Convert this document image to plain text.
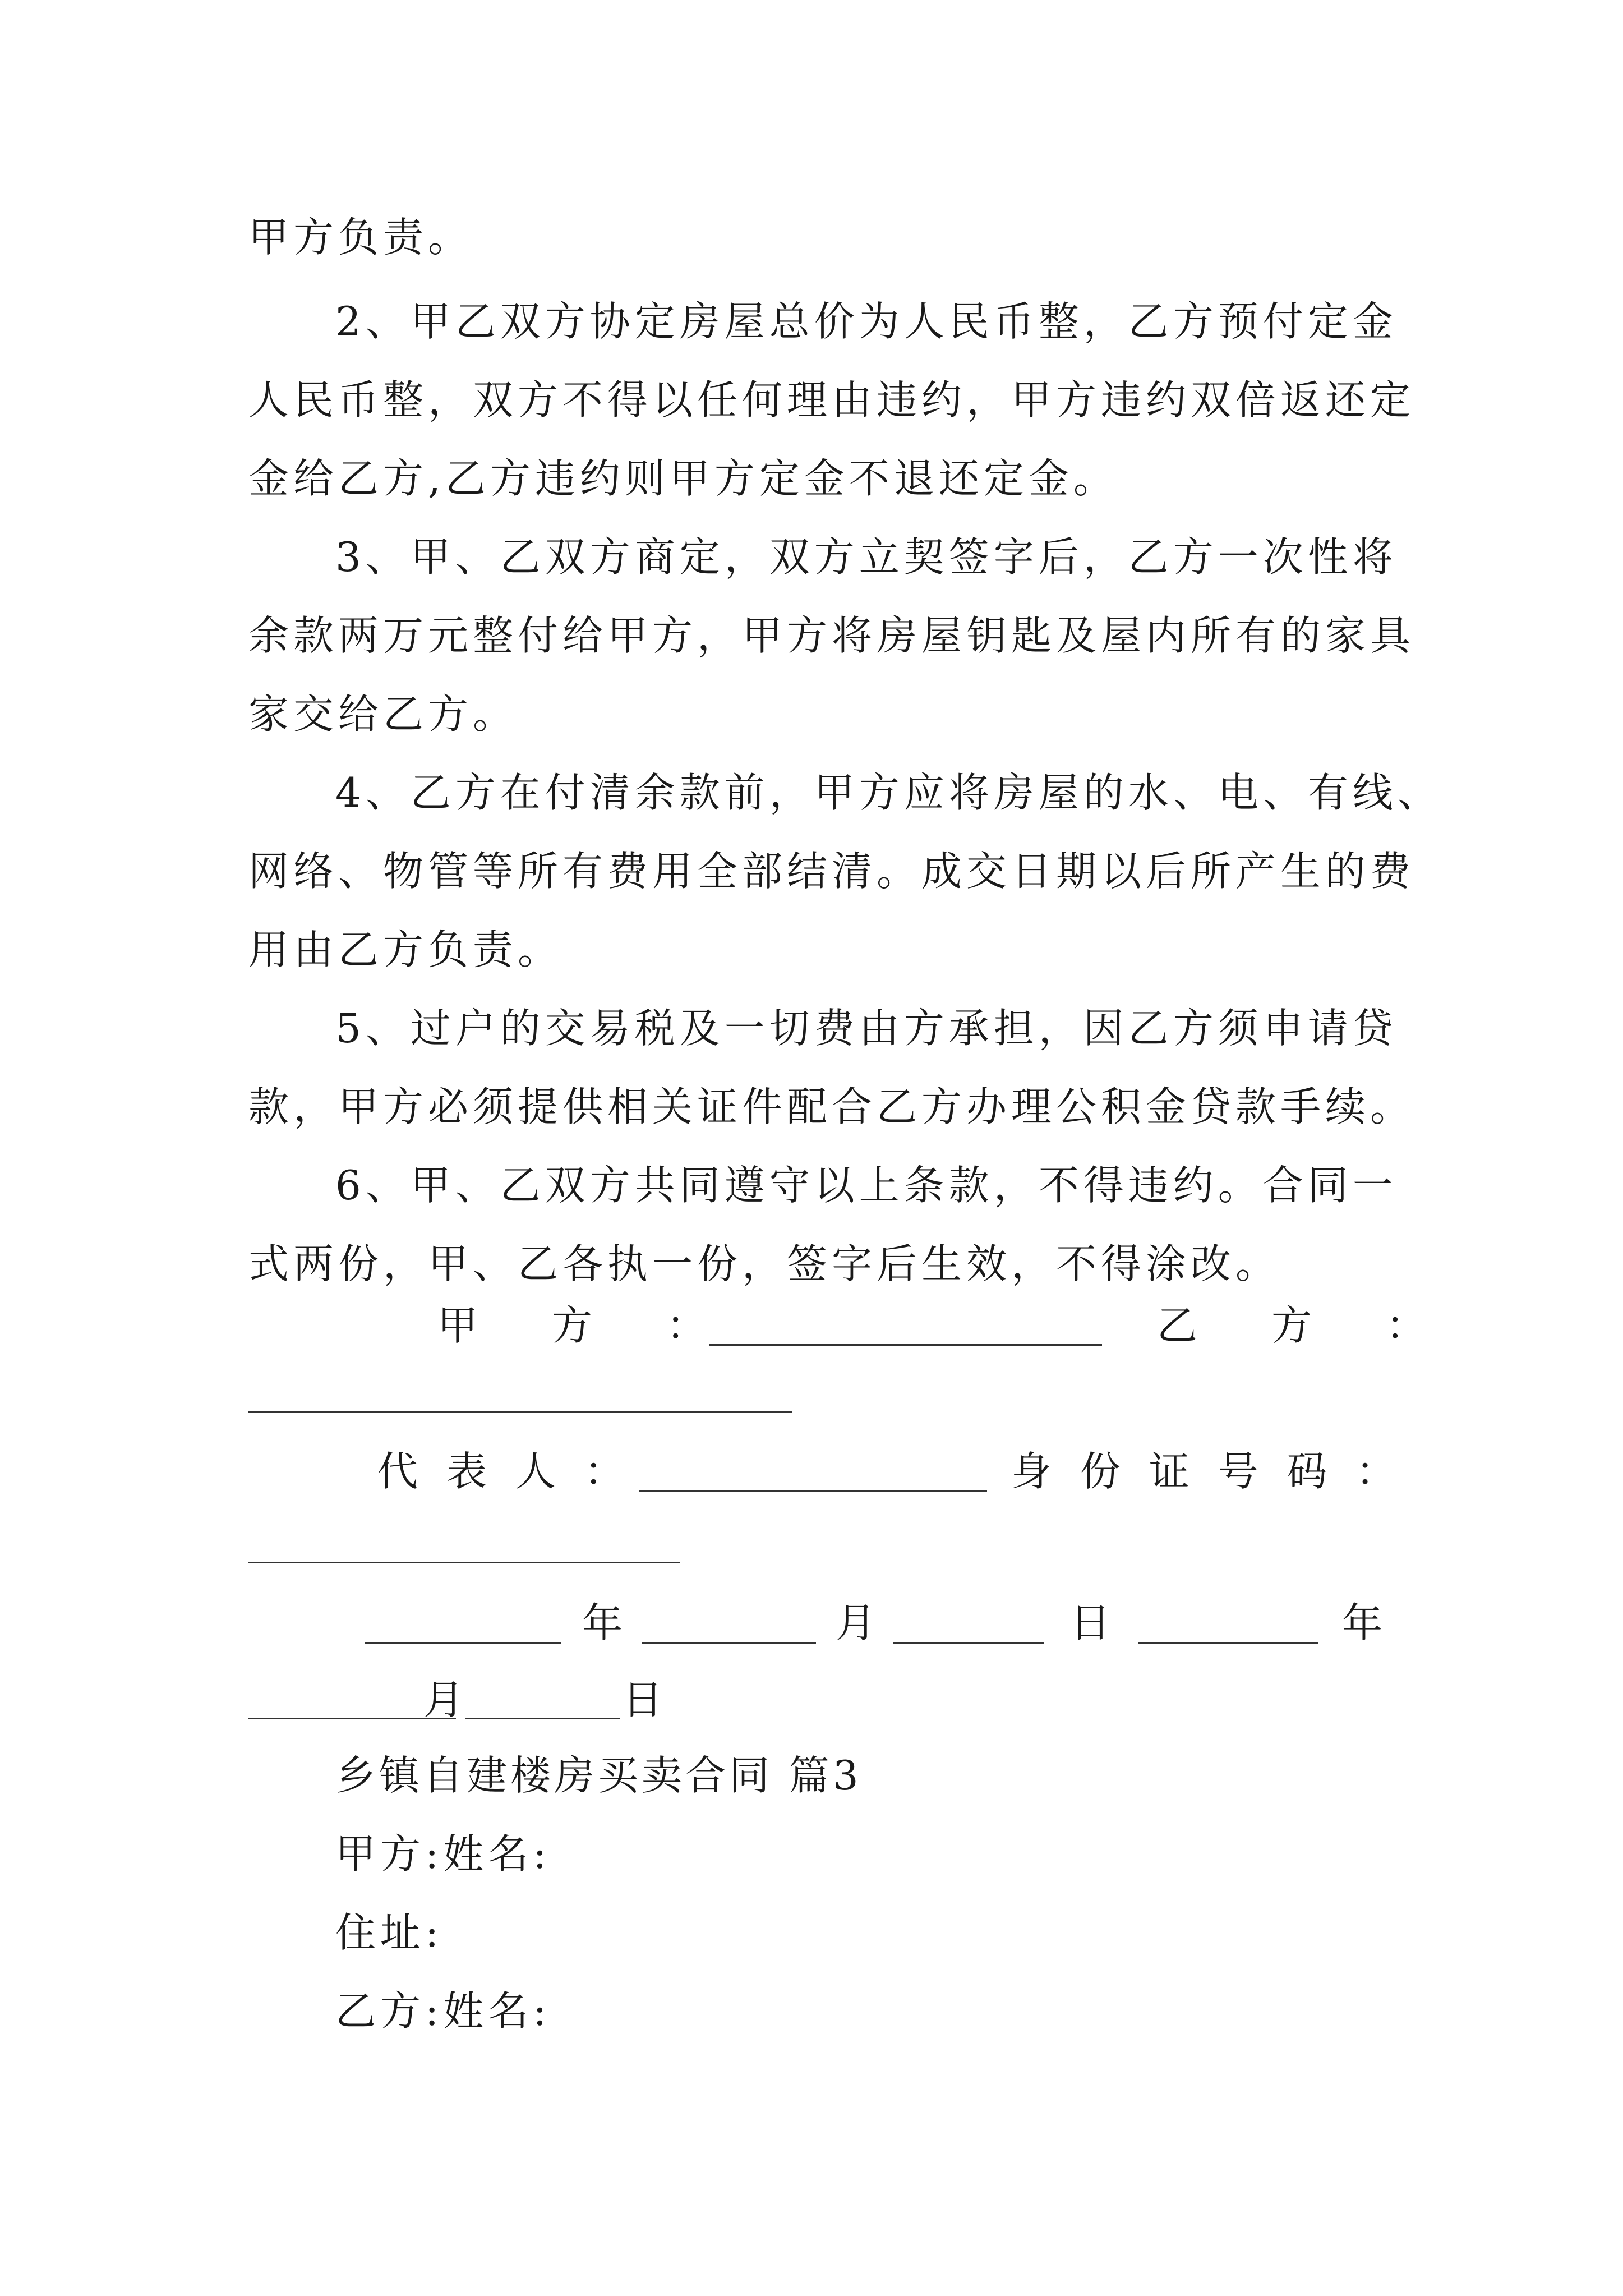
甲方负责。
2、甲乙双方协定房屋总价为人民币整，乙方预付定金
人民币整，双方不得以任何理由违约，甲方违约双倍返还定
金给乙方,乙方违约则甲方定金不退还定金。
3、甲、乙双方商定，双方立契签字后，乙方一次性将
余款两万元整付给甲方，甲方将房屋钥匙及屋内所有的家具
家交给乙方。
4、乙方在付清余款前，甲方应将房屋的水、电、有线、
网络、物管等所有费用全部结清。成交日期以后所产生的费
用由乙方负责。
5、过户的交易税及一切费由方承担，因乙方须申请贷
款，甲方必须提供相关证件配合乙方办理公积金贷款手续。
6、甲、乙双方共同遵守以上条款，不得违约。合同一
式两份，甲、乙各执一份，签字后生效，不得涂改。
甲　方　：	乙　方　：
代 表 人 ：	身 份 证 号 码 ：
年	月	日	年
月	日
乡镇自建楼房买卖合同 篇3
甲方:姓名:
住址:
乙方:姓名:
